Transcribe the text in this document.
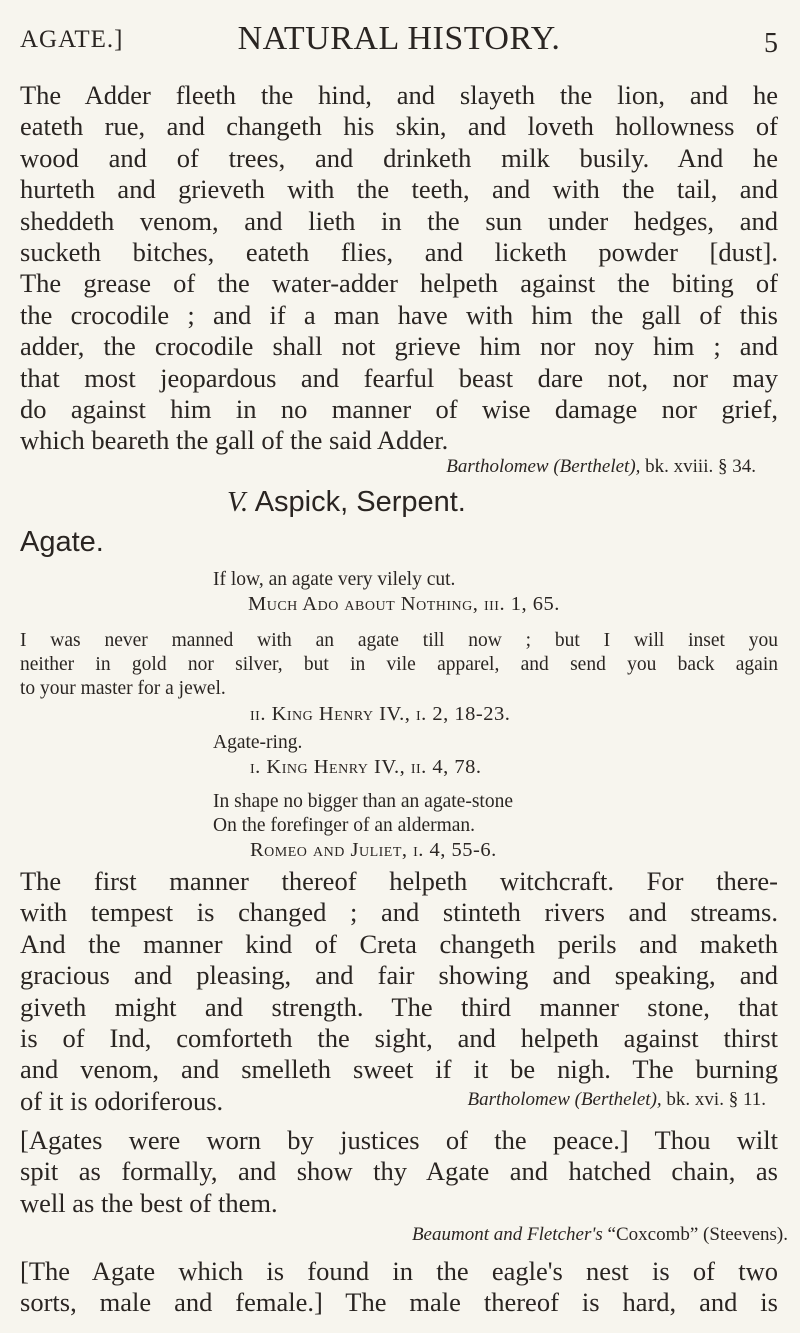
AGATE.]	NATURAL HISTORY.	5
The Adder fleeth the hind, and slayeth the lion, and he
eateth rue, and changeth his skin, and loveth hollowness of
wood and of trees, and drinketh milk busily. And he
hurteth and grieveth with the teeth, and with the tail, and
sheddeth venom, and lieth in the sun under hedges, and
sucketh bitches, eateth flies, and licketh powder [dust].
The grease of the water-adder helpeth against the biting of
the crocodile ; and if a man have with him the gall of this
adder, the crocodile shall not grieve him nor noy him ; and
that most jeopardous and fearful beast dare not, nor may
do against him in no manner of wise damage nor grief,
which beareth the gall of the said Adder.
Bartholomew (Berthelet), bk. xviii. § 34.
V. Aspick, Serpent.
Agate.
If low, an agate very vilely cut.
Much Ado about Nothing, iii. 1, 65.
I was never manned with an agate till now ; but I will inset you
neither in gold nor silver, but in vile apparel, and send you back again
to your master for a jewel.
ii. King Henry IV., i. 2, 18-23.
Agate-ring.
i. King Henry IV., ii. 4, 78.
In shape no bigger than an agate-stone
On the forefinger of an alderman.
Romeo and Juliet, i. 4, 55-6.
The first manner thereof helpeth witchcraft. For there-
with tempest is changed ; and stinteth rivers and streams.
And the manner kind of Creta changeth perils and maketh
gracious and pleasing, and fair showing and speaking, and
giveth might and strength. The third manner stone, that
is of Ind, comforteth the sight, and helpeth against thirst
and venom, and smelleth sweet if it be nigh. The burning
of it is odoriferous.	Bartholomew (Berthelet), bk. xvi. § 11.
[Agates were worn by justices of the peace.] Thou wilt
spit as formally, and show thy Agate and hatched chain, as
well as the best of them.
Beaumont and Fletcher's “Coxcomb” (Steevens).
[The Agate which is found in the eagle's nest is of two
sorts, male and female.] The male thereof is hard, and is
